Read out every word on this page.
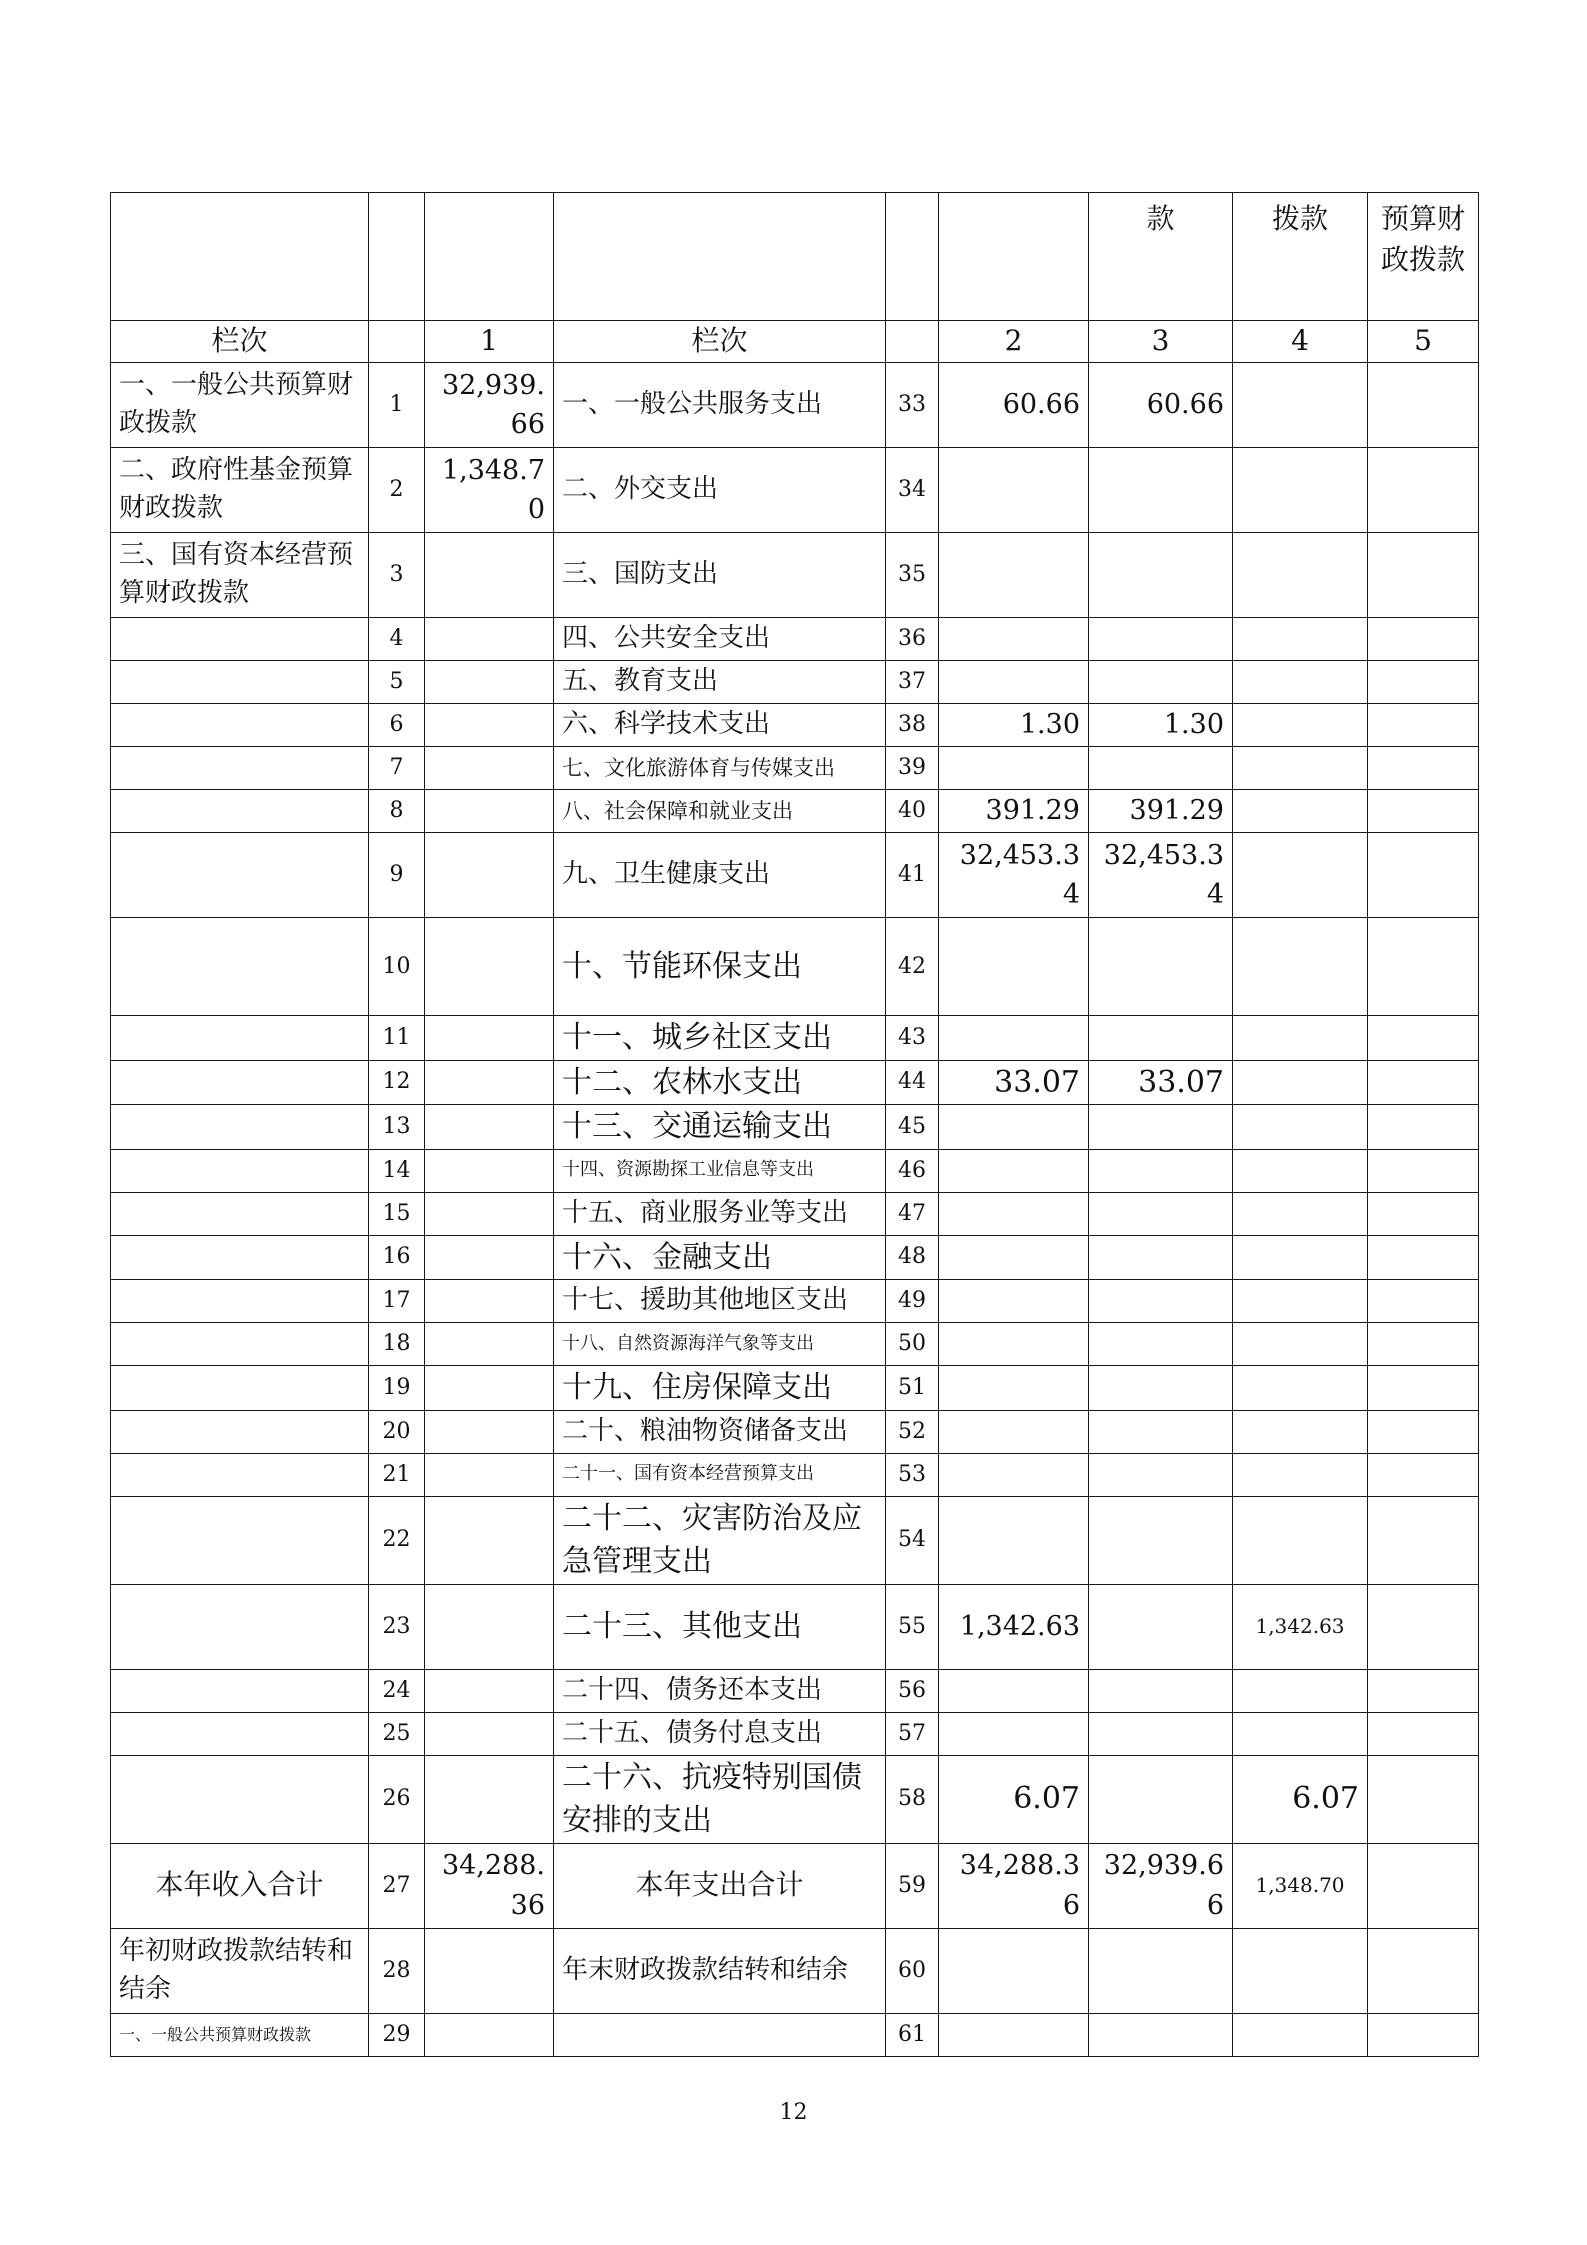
						款	拨款	预算财政拨款
栏次		1	栏次		2	3	4	5
一、一般公共预算财政拨款	1	32,939.66	一、一般公共服务支出	33	60.66	60.66		
二、政府性基金预算财政拨款	2	1,348.70	二、外交支出	34				
三、国有资本经营预算财政拨款	3		三、国防支出	35				
	4		四、公共安全支出	36				
	5		五、教育支出	37				
	6		六、科学技术支出	38	1.30	1.30		
	7		七、文化旅游体育与传媒支出	39				
	8		八、社会保障和就业支出	40	391.29	391.29		
	9		九、卫生健康支出	41	32,453.34	32,453.34		
	10		十、节能环保支出	42				
	11		十一、城乡社区支出	43				
	12		十二、农林水支出	44	33.07	33.07		
	13		十三、交通运输支出	45				
	14		十四、资源勘探工业信息等支出	46				
	15		十五、商业服务业等支出	47				
	16		十六、金融支出	48				
	17		十七、援助其他地区支出	49				
	18		十八、自然资源海洋气象等支出	50				
	19		十九、住房保障支出	51				
	20		二十、粮油物资储备支出	52				
	21		二十一、国有资本经营预算支出	53				
	22		二十二、灾害防治及应急管理支出	54				
	23		二十三、其他支出	55	1,342.63		1,342.63	
	24		二十四、债务还本支出	56				
	25		二十五、债务付息支出	57				
	26		二十六、抗疫特别国债安排的支出	58	6.07		6.07	
本年收入合计	27	34,288.36	本年支出合计	59	34,288.36	32,939.66	1,348.70	
年初财政拨款结转和结余	28		年末财政拨款结转和结余	60				
一、一般公共预算财政拨款	29			61				
12
